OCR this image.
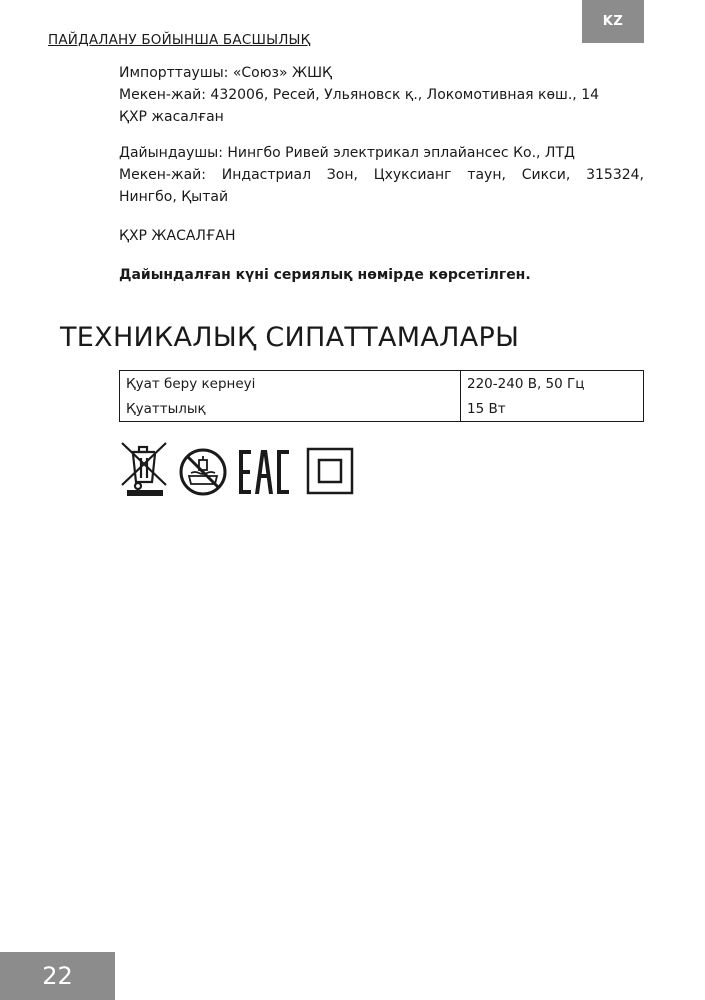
KZ
ПАЙДАЛАНУ БОЙЫНША БАСШЫЛЫҚ
Импорттаушы: «Союз» ЖШҚ
Мекен-жай: 432006, Ресей, Ульяновск қ., Локомотивная көш., 14
ҚХР жасалған
Дайындаушы: Нингбо Ривей электрикал эплайансес Ко., ЛТД
Мекен-жай: Индастриал Зон, Цхуксианг таун, Сикси, 315324,
Нингбо, Қытай
ҚХР ЖАСАЛҒАН
Дайындалған күні сериялық нөмірде көрсетілген.
ТЕХНИКАЛЫҚ СИПАТТАМАЛАРЫ
Қуат беру кернеуі	220-240 В, 50 Гц
Қуаттылық	15 Вт
22
